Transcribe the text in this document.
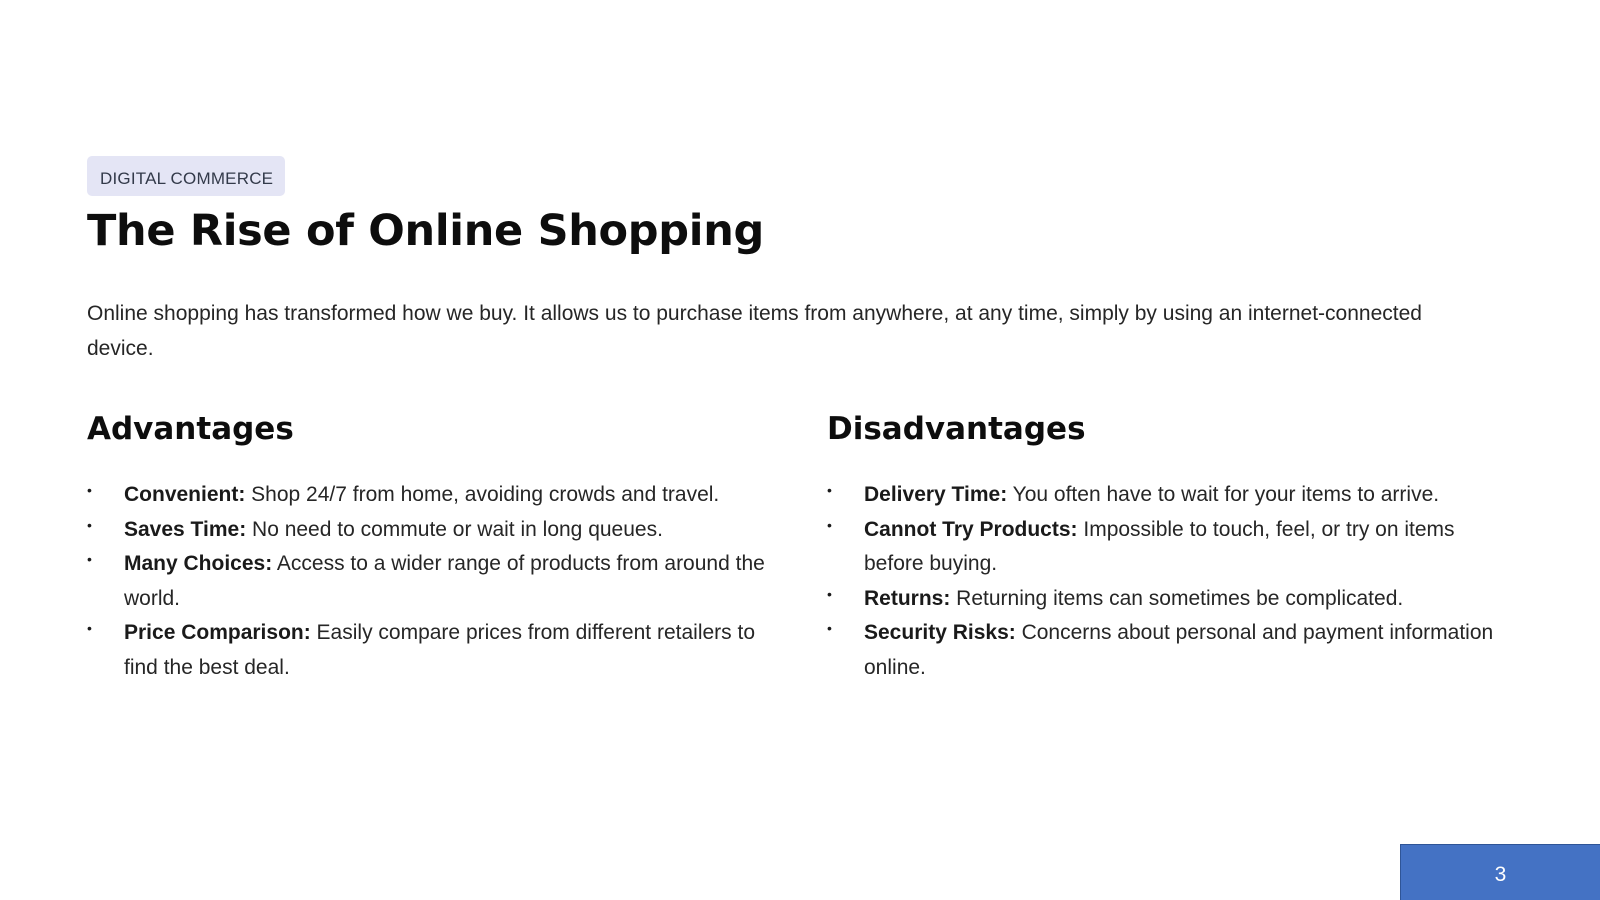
DIGITAL COMMERCE
The Rise of Online Shopping

Online shopping has transformed how we buy. It allows us to purchase items from anywhere, at any time, simply by using an internet-connected device.

Advantages
• Convenient: Shop 24/7 from home, avoiding crowds and travel.
• Saves Time: No need to commute or wait in long queues.
• Many Choices: Access to a wider range of products from around the world.
• Price Comparison: Easily compare prices from different retailers to find the best deal.
Disadvantages
• Delivery Time: You often have to wait for your items to arrive.
• Cannot Try Products: Impossible to touch, feel, or try on items before buying.
• Returns: Returning items can sometimes be complicated.
• Security Risks: Concerns about personal and payment information online.
3
